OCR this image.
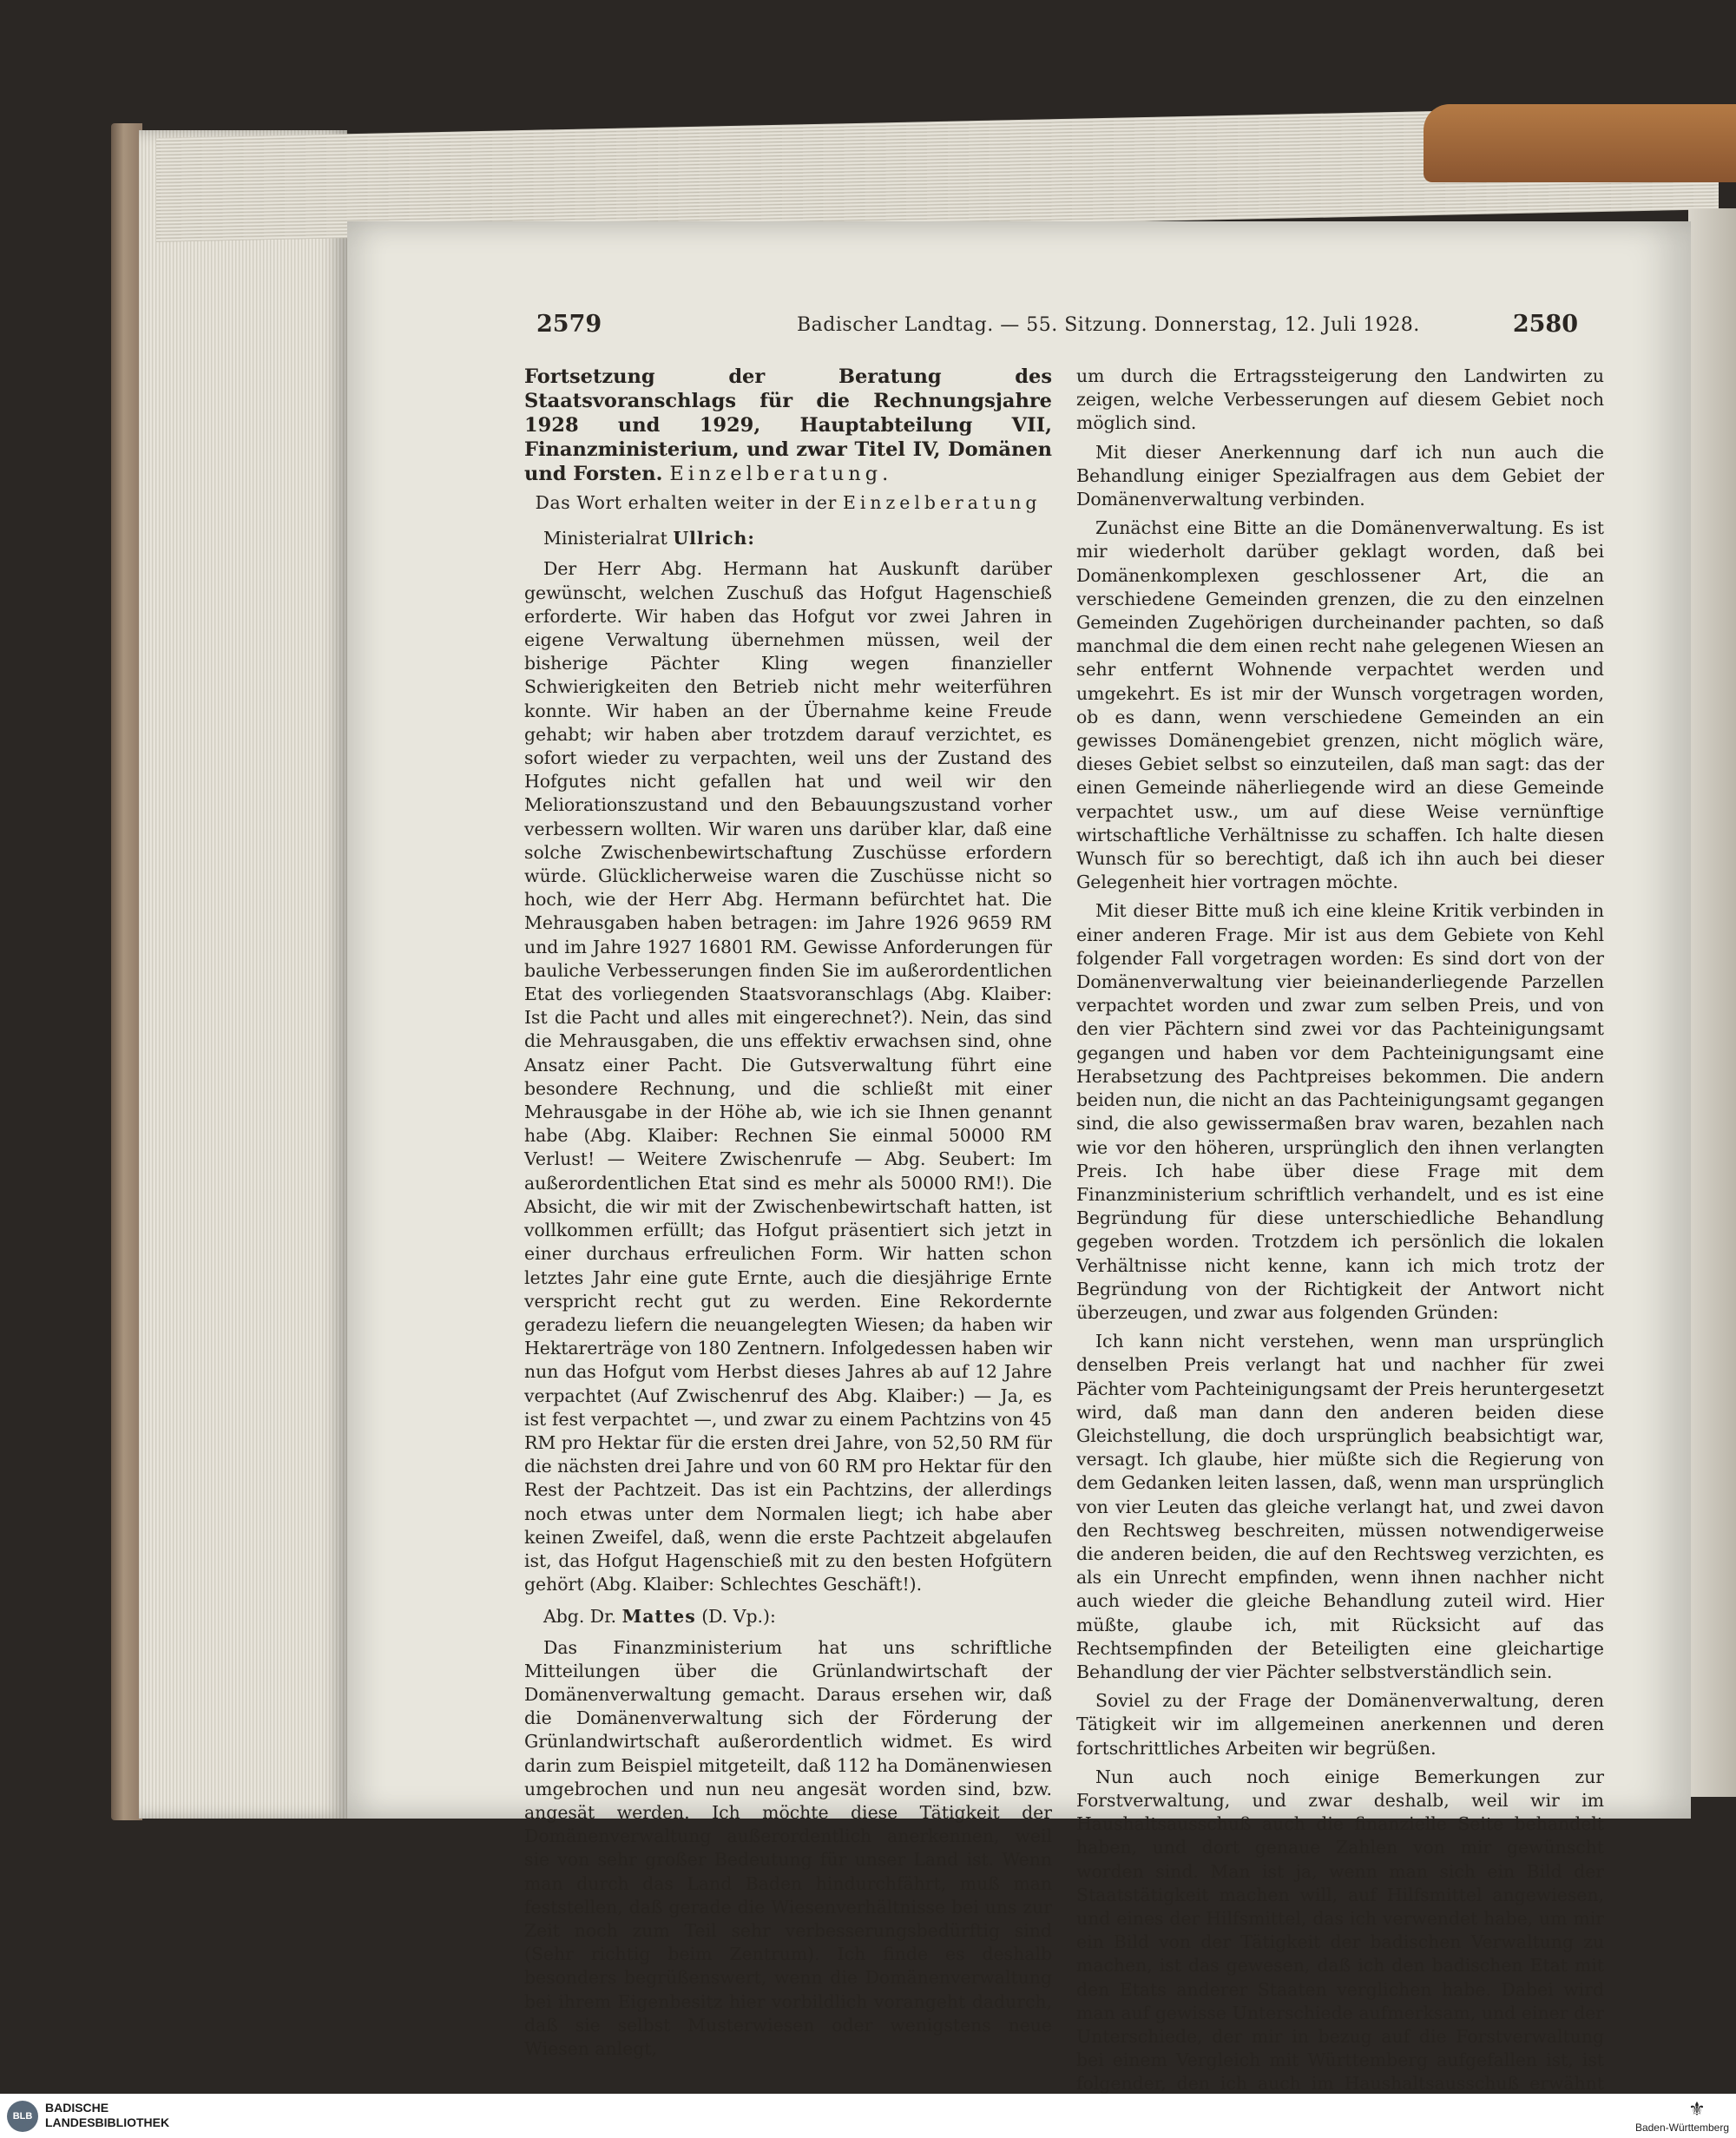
2579	Badischer Landtag. — 55. Sitzung. Donnerstag, 12. Juli 1928.	2580

Fortsetzung der Beratung des Staatsvoranschlags für die Rechnungsjahre 1928 und 1929, Hauptabteilung VII, Finanzministerium, und zwar Titel IV, Domänen und Forsten. Einzelberatung.

Das Wort erhalten weiter in der Einzelberatung

Ministerialrat Ullrich:

Der Herr Abg. Hermann hat Auskunft darüber gewünscht, welchen Zuschuß das Hofgut Hagenschieß erforderte. Wir haben das Hofgut vor zwei Jahren in eigene Verwaltung übernehmen müssen, weil der bisherige Pächter Kling wegen finanzieller Schwierigkeiten den Betrieb nicht mehr weiterführen konnte. Wir haben an der Übernahme keine Freude gehabt; wir haben aber trotzdem darauf verzichtet, es sofort wieder zu verpachten, weil uns der Zustand des Hofgutes nicht gefallen hat und weil wir den Meliorationszustand und den Bebauungszustand vorher verbessern wollten. Wir waren uns darüber klar, daß eine solche Zwischenbewirtschaftung Zuschüsse erfordern würde. Glücklicherweise waren die Zuschüsse nicht so hoch, wie der Herr Abg. Hermann befürchtet hat. Die Mehrausgaben haben betragen: im Jahre 1926 9659 RM und im Jahre 1927 16801 RM. Gewisse Anforderungen für bauliche Verbesserungen finden Sie im außerordentlichen Etat des vorliegenden Staatsvoranschlags (Abg. Klaiber: Ist die Pacht und alles mit eingerechnet?). Nein, das sind die Mehrausgaben, die uns effektiv erwachsen sind, ohne Ansatz einer Pacht. Die Gutsverwaltung führt eine besondere Rechnung, und die schließt mit einer Mehrausgabe in der Höhe ab, wie ich sie Ihnen genannt habe (Abg. Klaiber: Rechnen Sie einmal 50000 RM Verlust! — Weitere Zwischenrufe — Abg. Seubert: Im außerordentlichen Etat sind es mehr als 50000 RM!). Die Absicht, die wir mit der Zwischenbewirtschaft hatten, ist vollkommen erfüllt; das Hofgut präsentiert sich jetzt in einer durchaus erfreulichen Form. Wir hatten schon letztes Jahr eine gute Ernte, auch die diesjährige Ernte verspricht recht gut zu werden. Eine Rekordernte geradezu liefern die neuangelegten Wiesen; da haben wir Hektarerträge von 180 Zentnern. Infolgedessen haben wir nun das Hofgut vom Herbst dieses Jahres ab auf 12 Jahre verpachtet (Auf Zwischenruf des Abg. Klaiber:) — Ja, es ist fest verpachtet —, und zwar zu einem Pachtzins von 45 RM pro Hektar für die ersten drei Jahre, von 52,50 RM für die nächsten drei Jahre und von 60 RM pro Hektar für den Rest der Pachtzeit. Das ist ein Pachtzins, der allerdings noch etwas unter dem Normalen liegt; ich habe aber keinen Zweifel, daß, wenn die erste Pachtzeit abgelaufen ist, das Hofgut Hagenschieß mit zu den besten Hofgütern gehört (Abg. Klaiber: Schlechtes Geschäft!).

Abg. Dr. Mattes (D. Vp.):

Das Finanzministerium hat uns schriftliche Mitteilungen über die Grünlandwirtschaft der Domänenverwaltung gemacht. Daraus ersehen wir, daß die Domänenverwaltung sich der Förderung der Grünlandwirtschaft außerordentlich widmet. Es wird darin zum Beispiel mitgeteilt, daß 112 ha Domänenwiesen umgebrochen und nun neu angesät worden sind, bzw. angesät werden. Ich möchte diese Tätigkeit der Domänenverwaltung außerordentlich anerkennen, weil sie von sehr großer Bedeutung für unser Land ist. Wenn man durch das Land Baden hindurchfährt, muß man feststellen, daß gerade die Wiesenverhältnisse bei uns zur Zeit noch zum Teil sehr verbesserungsbedürftig sind (Sehr richtig beim Zentrum). Ich finde es deshalb besonders begrüßenswert, wenn die Domänenverwaltung bei ihrem Eigenbesitz hier vorbildlich vorangeht dadurch, daß sie selbst Musterwiesen oder wenigstens neue Wiesen anlegt,

um durch die Ertragssteigerung den Landwirten zu zeigen, welche Verbesserungen auf diesem Gebiet noch möglich sind.

Mit dieser Anerkennung darf ich nun auch die Behandlung einiger Spezialfragen aus dem Gebiet der Domänenverwaltung verbinden.

Zunächst eine Bitte an die Domänenverwaltung. Es ist mir wiederholt darüber geklagt worden, daß bei Domänenkomplexen geschlossener Art, die an verschiedene Gemeinden grenzen, die zu den einzelnen Gemeinden Zugehörigen durcheinander pachten, so daß manchmal die dem einen recht nahe gelegenen Wiesen an sehr entfernt Wohnende verpachtet werden und umgekehrt. Es ist mir der Wunsch vorgetragen worden, ob es dann, wenn verschiedene Gemeinden an ein gewisses Domänengebiet grenzen, nicht möglich wäre, dieses Gebiet selbst so einzuteilen, daß man sagt: das der einen Gemeinde näherliegende wird an diese Gemeinde verpachtet usw., um auf diese Weise vernünftige wirtschaftliche Verhältnisse zu schaffen. Ich halte diesen Wunsch für so berechtigt, daß ich ihn auch bei dieser Gelegenheit hier vortragen möchte.

Mit dieser Bitte muß ich eine kleine Kritik verbinden in einer anderen Frage. Mir ist aus dem Gebiete von Kehl folgender Fall vorgetragen worden: Es sind dort von der Domänenverwaltung vier beieinanderliegende Parzellen verpachtet worden und zwar zum selben Preis, und von den vier Pächtern sind zwei vor das Pachteinigungsamt gegangen und haben vor dem Pachteinigungsamt eine Herabsetzung des Pachtpreises bekommen. Die andern beiden nun, die nicht an das Pachteinigungsamt gegangen sind, die also gewissermaßen brav waren, bezahlen nach wie vor den höheren, ursprünglich den ihnen verlangten Preis. Ich habe über diese Frage mit dem Finanzministerium schriftlich verhandelt, und es ist eine Begründung für diese unterschiedliche Behandlung gegeben worden. Trotzdem ich persönlich die lokalen Verhältnisse nicht kenne, kann ich mich trotz der Begründung von der Richtigkeit der Antwort nicht überzeugen, und zwar aus folgenden Gründen:

Ich kann nicht verstehen, wenn man ursprünglich denselben Preis verlangt hat und nachher für zwei Pächter vom Pachteinigungsamt der Preis heruntergesetzt wird, daß man dann den anderen beiden diese Gleichstellung, die doch ursprünglich beabsichtigt war, versagt. Ich glaube, hier müßte sich die Regierung von dem Gedanken leiten lassen, daß, wenn man ursprünglich von vier Leuten das gleiche verlangt hat, und zwei davon den Rechtsweg beschreiten, müssen notwendigerweise die anderen beiden, die auf den Rechtsweg verzichten, es als ein Unrecht empfinden, wenn ihnen nachher nicht auch wieder die gleiche Behandlung zuteil wird. Hier müßte, glaube ich, mit Rücksicht auf das Rechtsempfinden der Beteiligten eine gleichartige Behandlung der vier Pächter selbstverständlich sein.

Soviel zu der Frage der Domänenverwaltung, deren Tätigkeit wir im allgemeinen anerkennen und deren fortschrittliches Arbeiten wir begrüßen.

Nun auch noch einige Bemerkungen zur Forstverwaltung, und zwar deshalb, weil wir im Haushaltsausschuß auch die finanzielle Seite behandelt haben, und dort genaue Zahlen von mir gewünscht worden sind. Man ist ja, wenn man sich ein Bild der Staatstätigkeit machen will, auf Hilfsmittel angewiesen, und eines der Hilfsmittel, das ich verwendet habe, um mir ein Bild von der Tätigkeit der badischen Verwaltung zu machen, ist das gewesen, daß ich den badischen Etat mit den Etats anderer Staaten verglichen habe. Dabei wird man auf gewisse Unterschiede aufmerksam, und einer der Unterschiede, der mir in bezug auf die Forstverwaltung bei einem Vergleich mit Württemberg aufgefallen ist, ist folgender, den ich auch im Haushaltsausschuß erwähnt

BLB
BADISCHE
LANDESBIBLIOTHEK
⚜
Baden-Württemberg
